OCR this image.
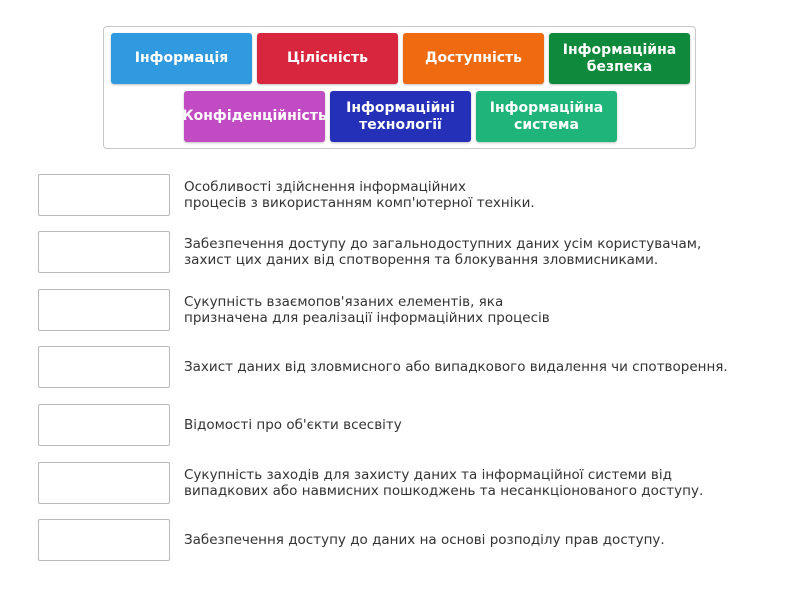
Інформація	Цілісність	Доступність
Інформаційна
безпека
Конфіденційність
Інформаційні
технології
Інформаційна
система
Особливості здійснення інформаційних
процесів з використанням комп'ютерної техніки.
Забезпечення доступу до загальнодоступних даних усім користувачам,
захист цих даних від спотворення та блокування зловмисниками.
Сукупність взаємопов'язаних елементів, яка
призначена для реалізації інформаційних процесів
Захист даних від зловмисного або випадкового видалення чи спотворення.
Відомості про об'єкти всесвіту
Сукупність заходів для захисту даних та інформаційної системи від
випадкових або навмисних пошкоджень та несанкціонованого доступу.
Забезпечення доступу до даних на основі розподілу прав доступу.
